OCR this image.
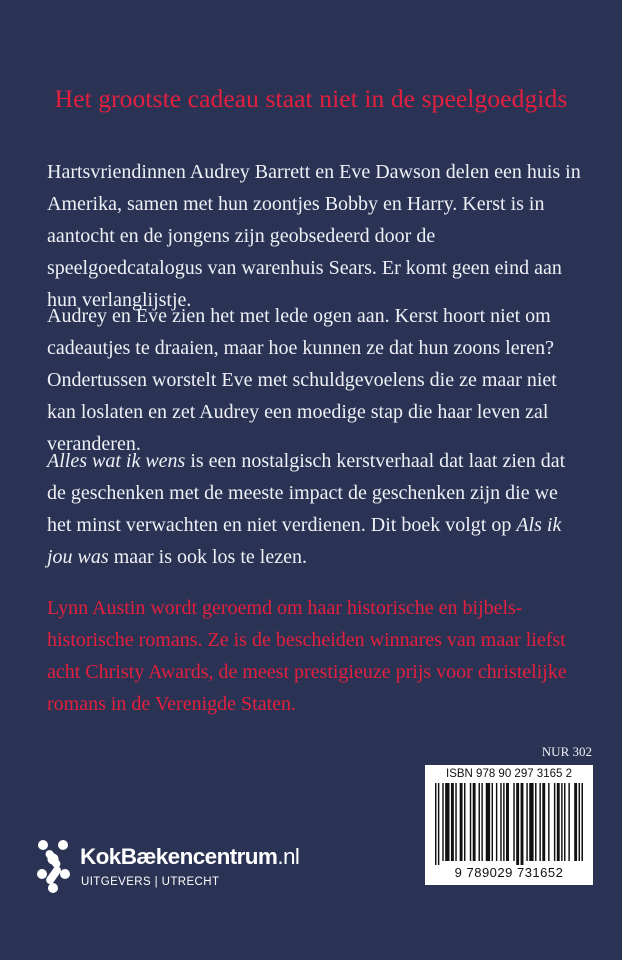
Het grootste cadeau staat niet in de speelgoedgids

Hartsvriendinnen Audrey Barrett en Eve Dawson delen een huis in Amerika, samen met hun zoontjes Bobby en Harry. Kerst is in aantocht en de jongens zijn geobsedeerd door de speelgoedcatalogus van warenhuis Sears. Er komt geen eind aan hun verlanglijstje.

Audrey en Eve zien het met lede ogen aan. Kerst hoort niet om cadeautjes te draaien, maar hoe kunnen ze dat hun zoons leren? Ondertussen worstelt Eve met schuldgevoelens die ze maar niet kan loslaten en zet Audrey een moedige stap die haar leven zal veranderen.

Alles wat ik wens is een nostalgisch kerstverhaal dat laat zien dat de geschenken met de meeste impact de geschenken zijn die we het minst verwachten en niet verdienen. Dit boek volgt op Als ik jou was maar is ook los te lezen.

Lynn Austin wordt geroemd om haar historische en bijbels-historische romans. Ze is de bescheiden winnares van maar liefst acht Christy Awards, de meest prestigieuze prijs voor christelijke romans in de Verenigde Staten.

NUR 302
ISBN 978 90 297 3165 2
9 789029 731652
KokBækencentrum.nl
UITGEVERS | UTRECHT
